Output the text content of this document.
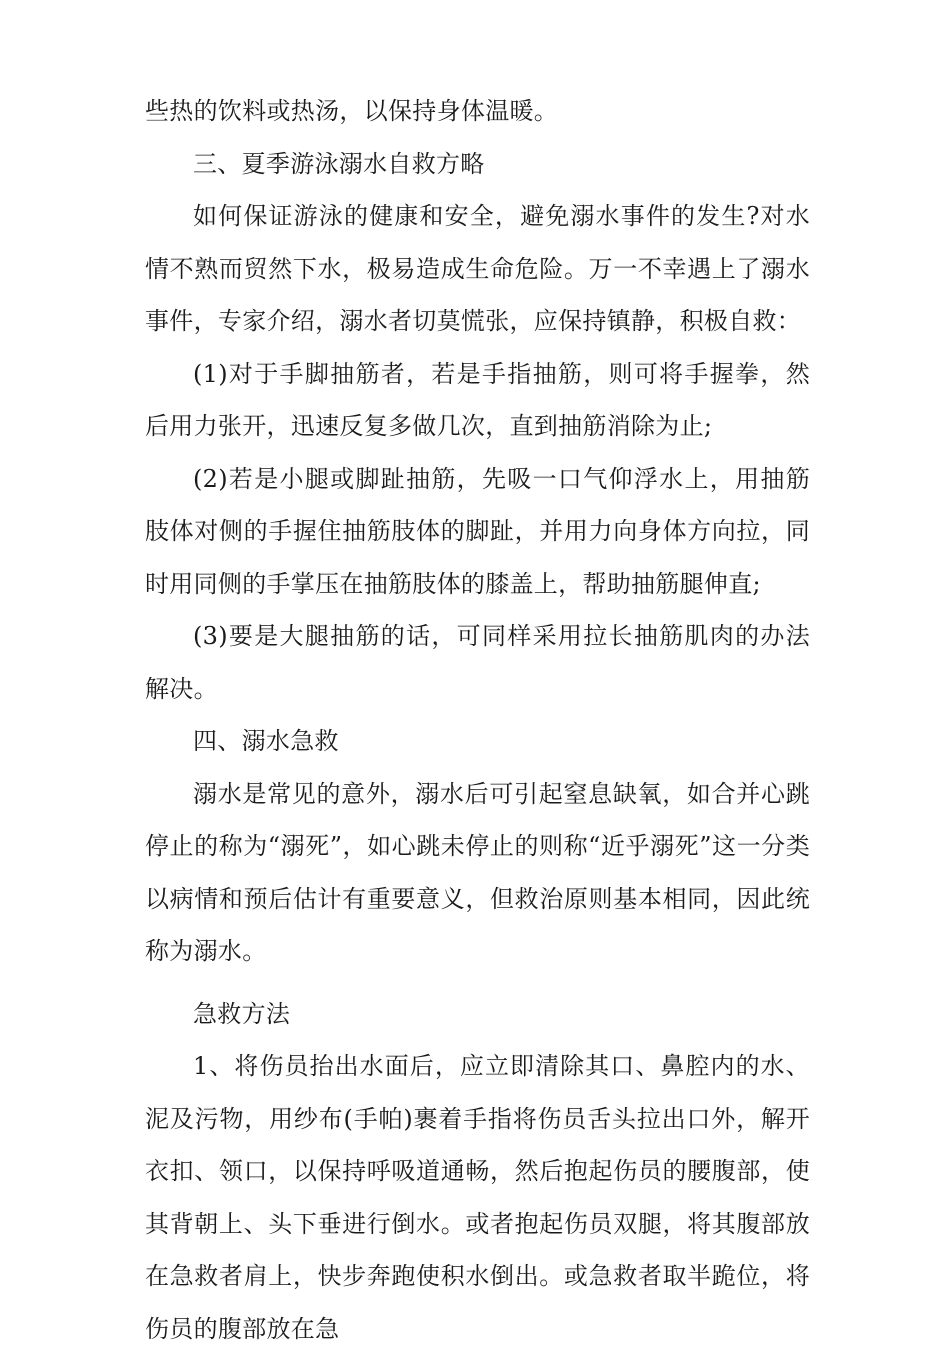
些热的饮料或热汤，以保持身体温暖。

三、夏季游泳溺水自救方略

如何保证游泳的健康和安全，避免溺水事件的发生?对水情不熟而贸然下水，极易造成生命危险。万一不幸遇上了溺水事件，专家介绍，溺水者切莫慌张，应保持镇静，积极自救：

(1)对于手脚抽筋者，若是手指抽筋，则可将手握拳，然后用力张开，迅速反复多做几次，直到抽筋消除为止;

(2)若是小腿或脚趾抽筋，先吸一口气仰浮水上，用抽筋肢体对侧的手握住抽筋肢体的脚趾，并用力向身体方向拉，同时用同侧的手掌压在抽筋肢体的膝盖上，帮助抽筋腿伸直;

(3)要是大腿抽筋的话，可同样采用拉长抽筋肌肉的办法解决。

四、溺水急救

溺水是常见的意外，溺水后可引起窒息缺氧，如合并心跳停止的称为“溺死”，如心跳未停止的则称“近乎溺死”这一分类以病情和预后估计有重要意义，但救治原则基本相同，因此统称为溺水。

急救方法

1、将伤员抬出水面后，应立即清除其口、鼻腔内的水、泥及污物，用纱布(手帕)裹着手指将伤员舌头拉出口外，解开衣扣、领口，以保持呼吸道通畅，然后抱起伤员的腰腹部，使其背朝上、头下垂进行倒水。或者抱起伤员双腿，将其腹部放在急救者肩上，快步奔跑使积水倒出。或急救者取半跪位，将伤员的腹部放在急
